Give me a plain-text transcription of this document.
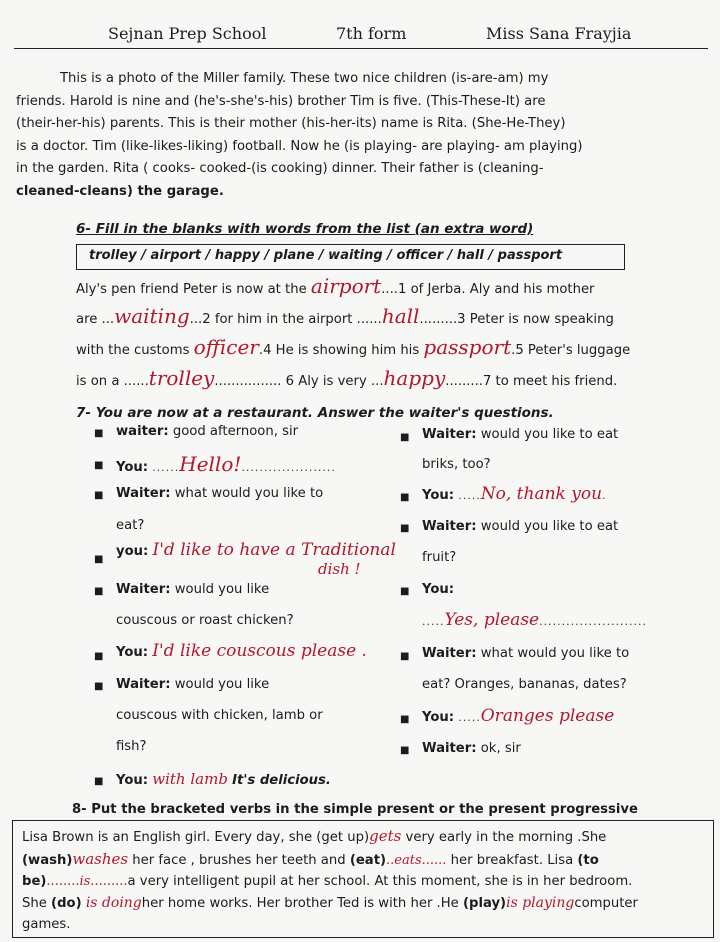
Sejnan Prep School	7th form	Miss Sana Frayjia

This is a photo of the Miller family. These two nice children (is-are-am) my

friends. Harold is nine and (he's-she's-his) brother Tim is five. (This-These-It) are

(their-her-his) parents. This is their mother (his-her-its) name is Rita. (She-He-They)

is a doctor. Tim (like-likes-liking) football. Now he (is playing- are playing- am playing)

in the garden. Rita ( cooks- cooked-(is cooking) dinner. Their father is (cleaning-

cleaned-cleans) the garage.

6- Fill in the blanks with words from the list (an extra word)
trolley / airport / happy / plane / waiting / officer / hall / passport
Aly's pen friend Peter is now at the airport....1 of Jerba. Aly and his mother
are ...waiting...2 for him in the airport ......hall.........3 Peter is now speaking
with the customs officer.4 He is showing him his passport.5 Peter's luggage
is on a ......trolley................ 6 Aly is very ...happy.........7 to meet his friend.
7- You are now at a restaurant. Answer the waiter's questions.
■ waiter: good afternoon, sir
■ You: ......Hello!.....................
■ Waiter: what would you like to
eat?
■
you: I'd like to have a Traditional
dish !
■ Waiter: would you like
couscous or roast chicken?
■ You: I'd like couscous please .
■ Waiter: would you like
couscous with chicken, lamb or
fish?
■ You: with lamb It's delicious.
■ Waiter: would you like to eat
briks, too?
■ You: .....No, thank you.
■ Waiter: would you like to eat
fruit?
■ You:
.....Yes, please........................
■ Waiter: what would you like to
eat? Oranges, bananas, dates?
■ You: .....Oranges please
■ Waiter: ok, sir
8- Put the bracketed verbs in the simple present or the present progressive

Lisa Brown is an English girl. Every day, she (get up)gets very early in the morning .She

(wash)washes her face , brushes her teeth and (eat)..eats...... her breakfast. Lisa (to

be)........is.........a very intelligent pupil at her school. At this moment, she is in her bedroom.

She (do) is doingher home works. Her brother Ted is with her .He (play)is playingcomputer

games.
